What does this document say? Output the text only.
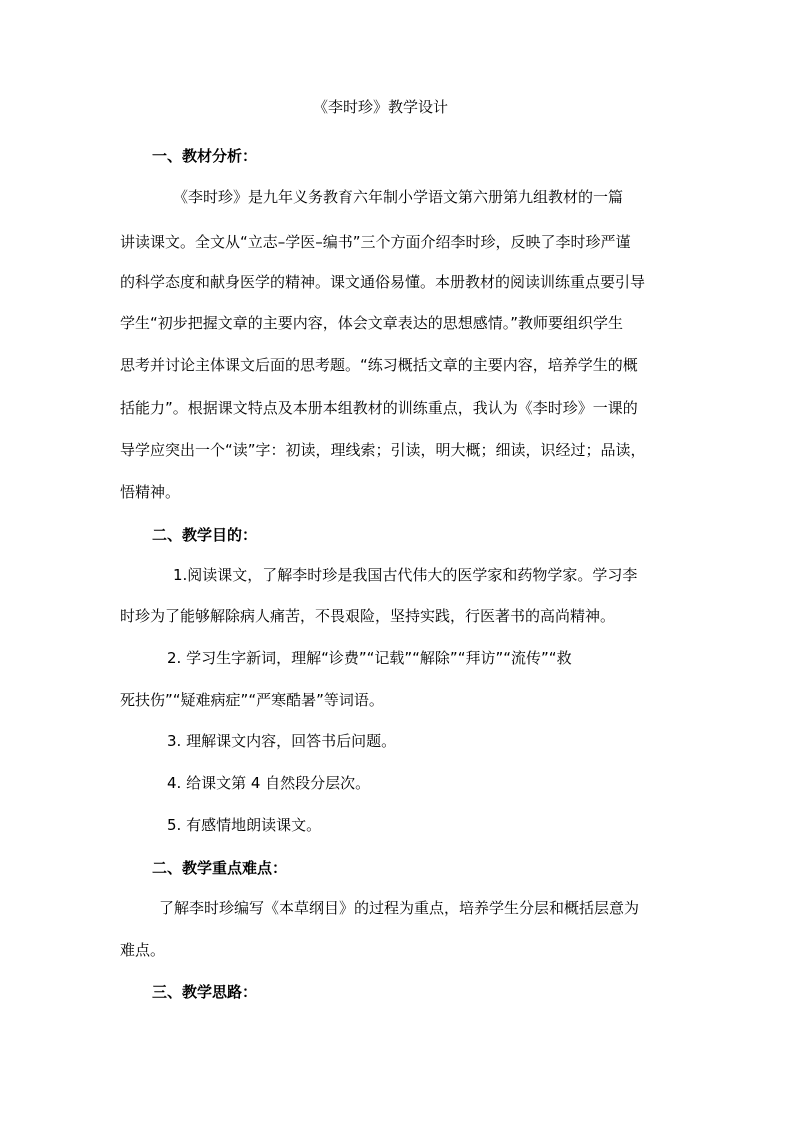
《李时珍》教学设计
一、教材分析：
《李时珍》是九年义务教育六年制小学语文第六册第九组教材的一篇
讲读课文。全文从“立志–学医–编书”三个方面介绍李时珍，反映了李时珍严谨
的科学态度和献身医学的精神。课文通俗易懂。本册教材的阅读训练重点要引导
学生“初步把握文章的主要内容，体会文章表达的思想感情。”教师要组织学生
思考并讨论主体课文后面的思考题。“练习概括文章的主要内容，培养学生的概
括能力”。根据课文特点及本册本组教材的训练重点，我认为《李时珍》一课的
导学应突出一个“读”字：初读，理线索；引读，明大概；细读，识经过；品读，
悟精神。
二、教学目的：
1.阅读课文，了解李时珍是我国古代伟大的医学家和药物学家。学习李
时珍为了能够解除病人痛苦，不畏艰险，坚持实践，行医著书的高尚精神。
2. 学习生字新词，理解“诊费”“记载”“解除”“拜访”“流传”“救
死扶伤”“疑难病症”“严寒酷暑”等词语。
3. 理解课文内容，回答书后问题。
4. 给课文第 4 自然段分层次。
5. 有感情地朗读课文。
二、教学重点难点：
了解李时珍编写《本草纲目》的过程为重点，培养学生分层和概括层意为
难点。
三、教学思路：
